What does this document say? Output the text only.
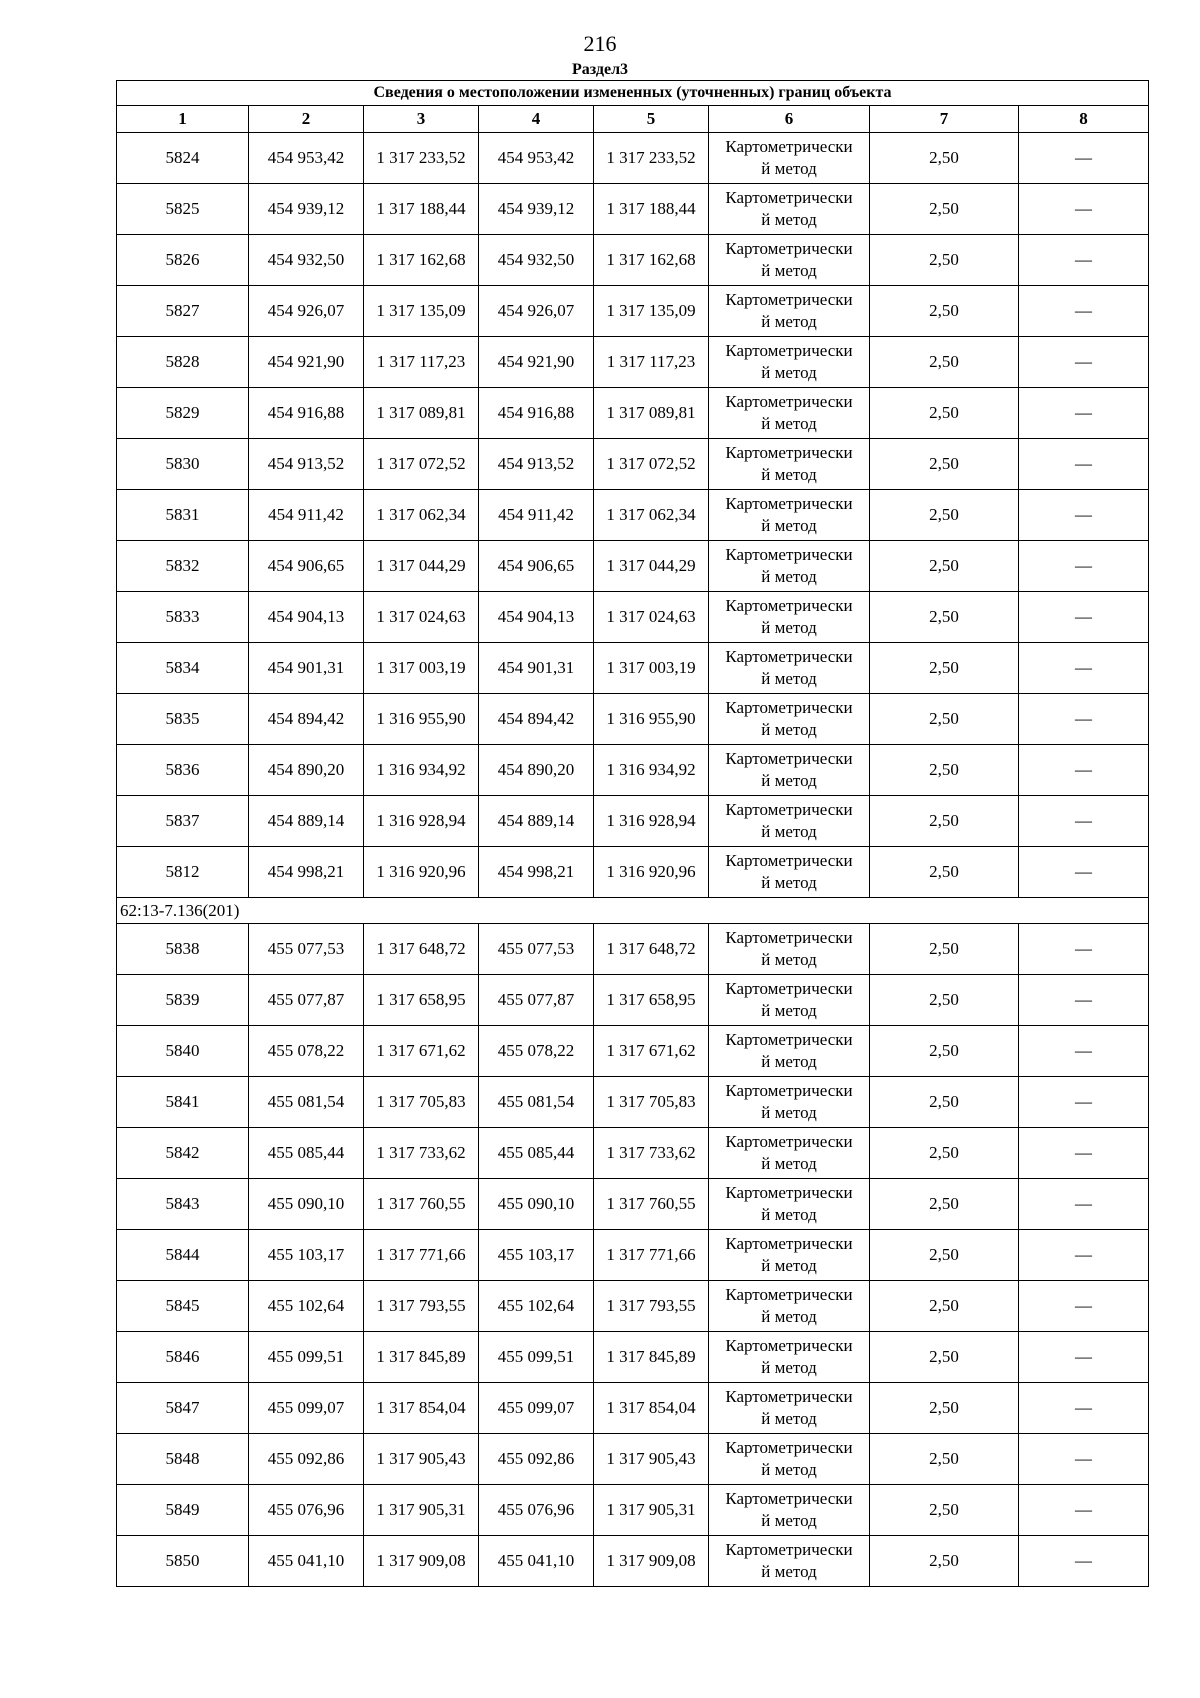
216
Раздел3
Сведения о местоположении измененных (уточненных) границ объекта							
1	2	3	4	5	6	7	8
5824	454 953,42	1 317 233,52	454 953,42	1 317 233,52	Картометрически
й метод	2,50	—
5825	454 939,12	1 317 188,44	454 939,12	1 317 188,44	Картометрически
й метод	2,50	—
5826	454 932,50	1 317 162,68	454 932,50	1 317 162,68	Картометрически
й метод	2,50	—
5827	454 926,07	1 317 135,09	454 926,07	1 317 135,09	Картометрически
й метод	2,50	—
5828	454 921,90	1 317 117,23	454 921,90	1 317 117,23	Картометрически
й метод	2,50	—
5829	454 916,88	1 317 089,81	454 916,88	1 317 089,81	Картометрически
й метод	2,50	—
5830	454 913,52	1 317 072,52	454 913,52	1 317 072,52	Картометрически
й метод	2,50	—
5831	454 911,42	1 317 062,34	454 911,42	1 317 062,34	Картометрически
й метод	2,50	—
5832	454 906,65	1 317 044,29	454 906,65	1 317 044,29	Картометрически
й метод	2,50	—
5833	454 904,13	1 317 024,63	454 904,13	1 317 024,63	Картометрически
й метод	2,50	—
5834	454 901,31	1 317 003,19	454 901,31	1 317 003,19	Картометрически
й метод	2,50	—
5835	454 894,42	1 316 955,90	454 894,42	1 316 955,90	Картометрически
й метод	2,50	—
5836	454 890,20	1 316 934,92	454 890,20	1 316 934,92	Картометрически
й метод	2,50	—
5837	454 889,14	1 316 928,94	454 889,14	1 316 928,94	Картометрически
й метод	2,50	—
5812	454 998,21	1 316 920,96	454 998,21	1 316 920,96	Картометрически
й метод	2,50	—
62:13-7.136(201)							
5838	455 077,53	1 317 648,72	455 077,53	1 317 648,72	Картометрически
й метод	2,50	—
5839	455 077,87	1 317 658,95	455 077,87	1 317 658,95	Картометрически
й метод	2,50	—
5840	455 078,22	1 317 671,62	455 078,22	1 317 671,62	Картометрически
й метод	2,50	—
5841	455 081,54	1 317 705,83	455 081,54	1 317 705,83	Картометрически
й метод	2,50	—
5842	455 085,44	1 317 733,62	455 085,44	1 317 733,62	Картометрически
й метод	2,50	—
5843	455 090,10	1 317 760,55	455 090,10	1 317 760,55	Картометрически
й метод	2,50	—
5844	455 103,17	1 317 771,66	455 103,17	1 317 771,66	Картометрически
й метод	2,50	—
5845	455 102,64	1 317 793,55	455 102,64	1 317 793,55	Картометрически
й метод	2,50	—
5846	455 099,51	1 317 845,89	455 099,51	1 317 845,89	Картометрически
й метод	2,50	—
5847	455 099,07	1 317 854,04	455 099,07	1 317 854,04	Картометрически
й метод	2,50	—
5848	455 092,86	1 317 905,43	455 092,86	1 317 905,43	Картометрически
й метод	2,50	—
5849	455 076,96	1 317 905,31	455 076,96	1 317 905,31	Картометрически
й метод	2,50	—
5850	455 041,10	1 317 909,08	455 041,10	1 317 909,08	Картометрически
й метод	2,50	—
